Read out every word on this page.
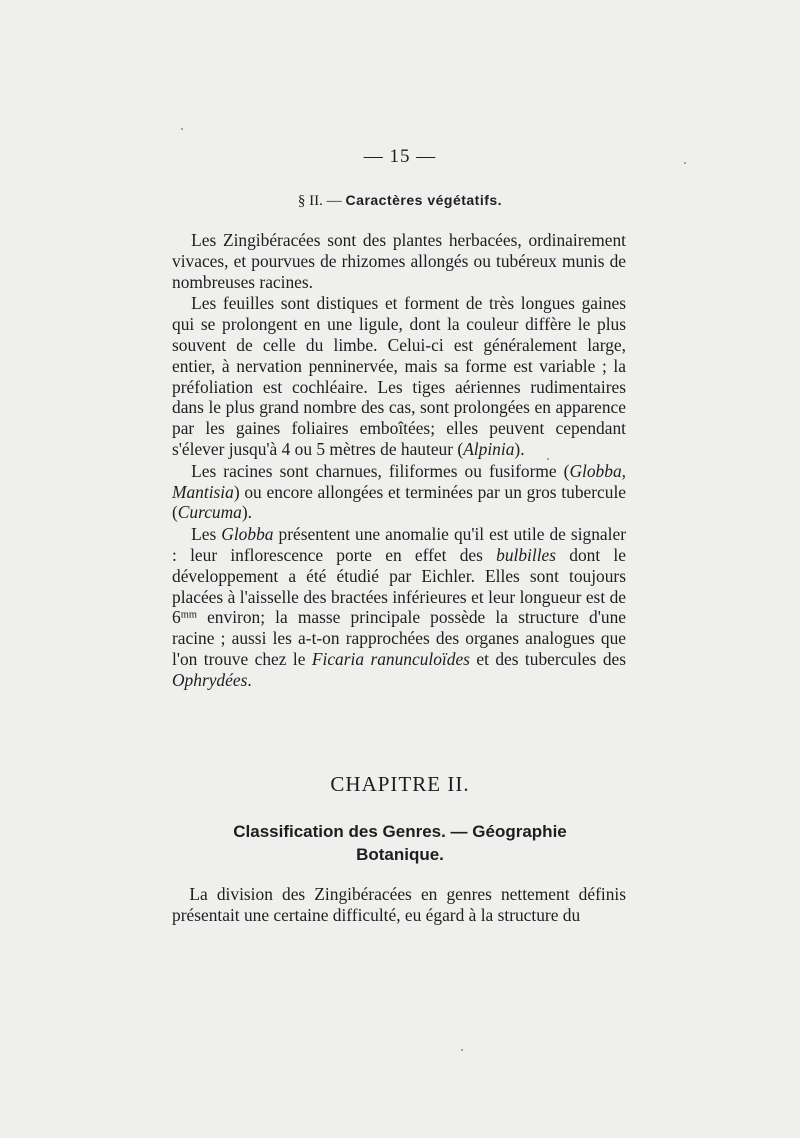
— 15 —
§ II. — Caractères végétatifs.

Les Zingibéracées sont des plantes herbacées, ordinairement vivaces, et pourvues de rhizomes allongés ou tubéreux munis de nombreuses racines.

Les feuilles sont distiques et forment de très longues gaines qui se prolongent en une ligule, dont la couleur diffère le plus souvent de celle du limbe. Celui-ci est généralement large, entier, à nervation penninervée, mais sa forme est variable ; la préfoliation est cochléaire. Les tiges aériennes rudimentaires dans le plus grand nombre des cas, sont prolongées en apparence par les gaines foliaires emboîtées; elles peuvent cependant s'élever jusqu'à 4 ou 5 mètres de hauteur (Alpinia).

Les racines sont charnues, filiformes ou fusiforme (Globba, Mantisia) ou encore allongées et terminées par un gros tubercule (Curcuma).

Les Globba présentent une anomalie qu'il est utile de signaler : leur inflorescence porte en effet des bulbilles dont le développement a été étudié par Eichler. Elles sont toujours placées à l'aisselle des bractées inférieures et leur longueur est de $6^{mm}$ environ; la masse principale possède la structure d'une racine ; aussi les a-t-on rapprochées des organes analogues que l'on trouve chez le Ficaria ranunculoïdes et des tubercules des Ophrydées.

CHAPITRE II.
Classification des Genres. — Géographie Botanique.

La division des Zingibéracées en genres nettement définis présentait une certaine difficulté, eu égard à la structure du
